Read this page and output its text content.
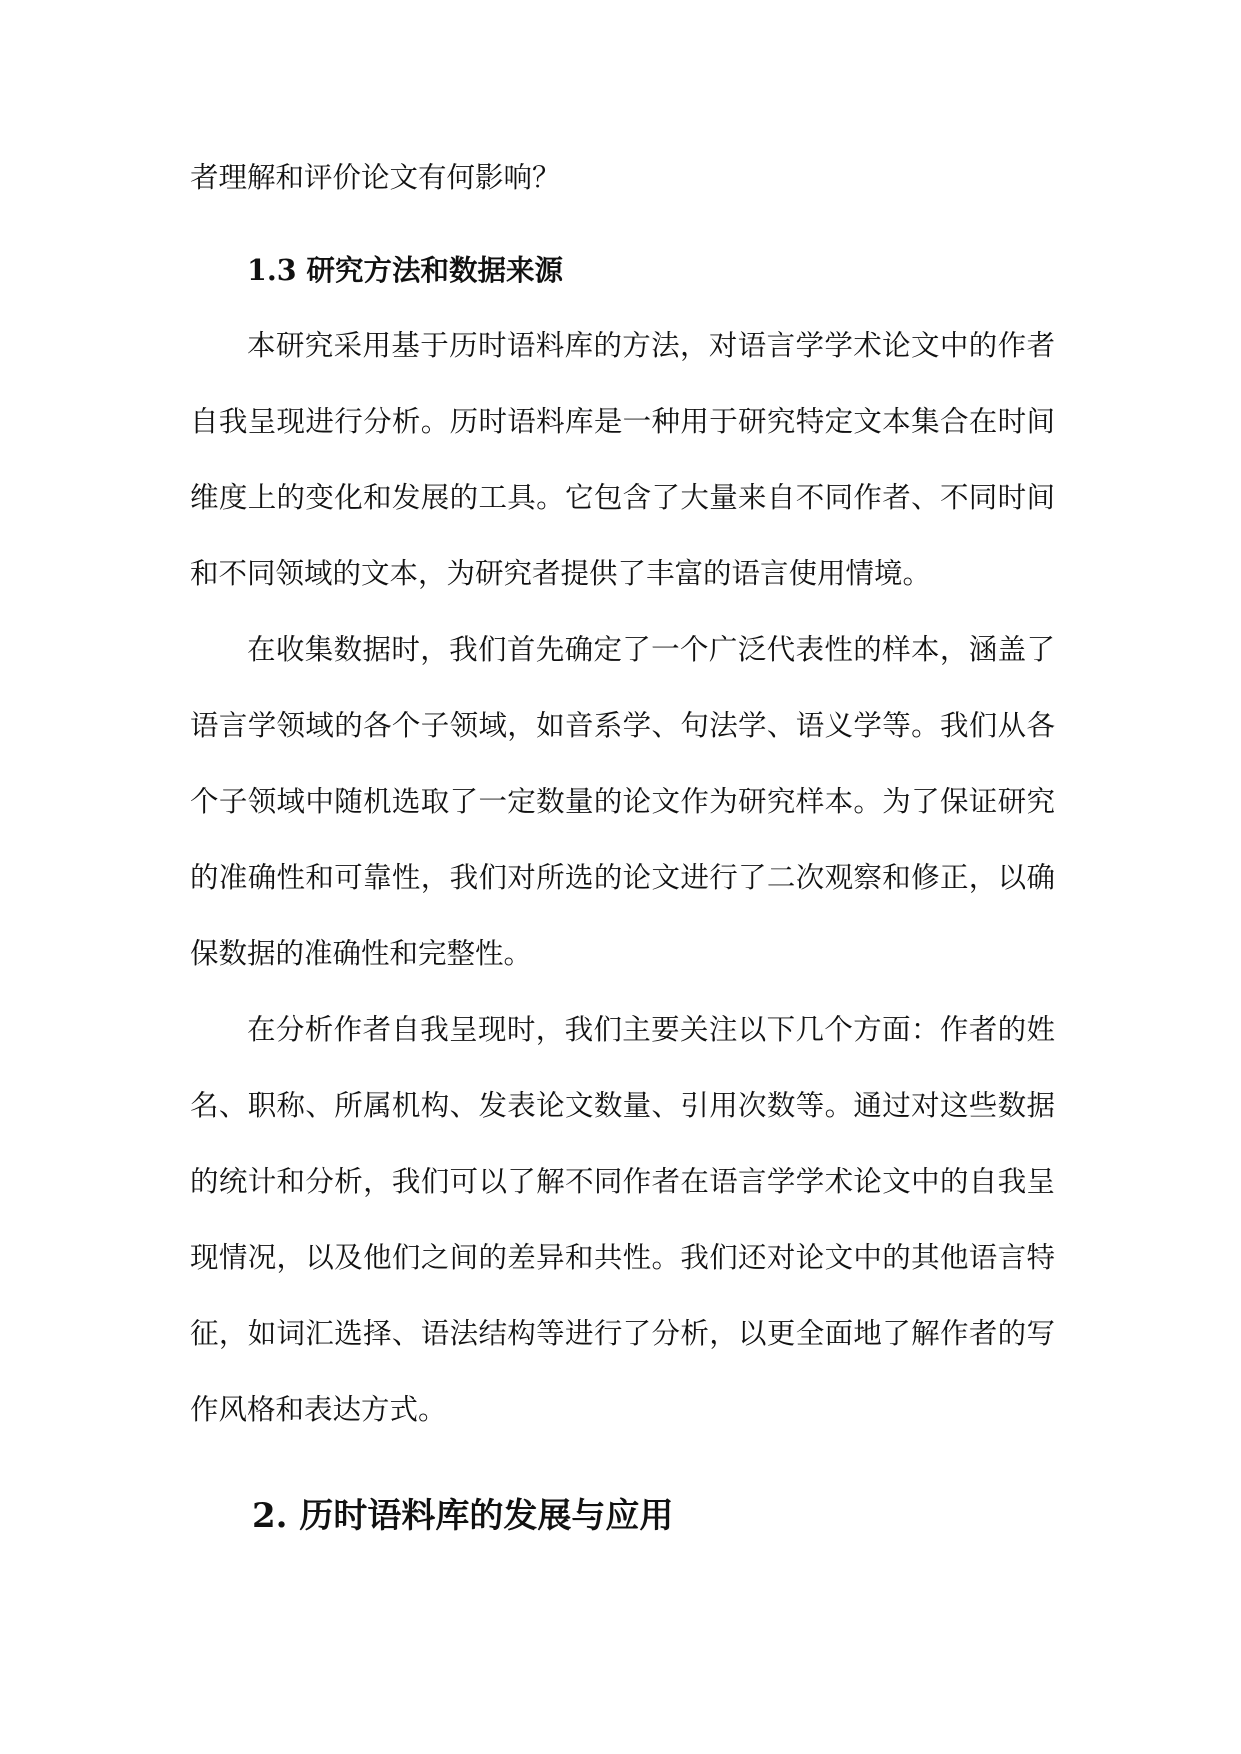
者理解和评价论文有何影响？
1.3 研究方法和数据来源

本研究采用基于历时语料库的方法，对语言学学术论文中的作者自我呈现进行分析。历时语料库是一种用于研究特定文本集合在时间维度上的变化和发展的工具。它包含了大量来自不同作者、不同时间和不同领域的文本，为研究者提供了丰富的语言使用情境。

在收集数据时，我们首先确定了一个广泛代表性的样本，涵盖了语言学领域的各个子领域，如音系学、句法学、语义学等。我们从各个子领域中随机选取了一定数量的论文作为研究样本。为了保证研究的准确性和可靠性，我们对所选的论文进行了二次观察和修正，以确保数据的准确性和完整性。

在分析作者自我呈现时，我们主要关注以下几个方面：作者的姓名、职称、所属机构、发表论文数量、引用次数等。通过对这些数据的统计和分析，我们可以了解不同作者在语言学学术论文中的自我呈现情况，以及他们之间的差异和共性。我们还对论文中的其他语言特征，如词汇选择、语法结构等进行了分析，以更全面地了解作者的写作风格和表达方式。

2. 历时语料库的发展与应用
